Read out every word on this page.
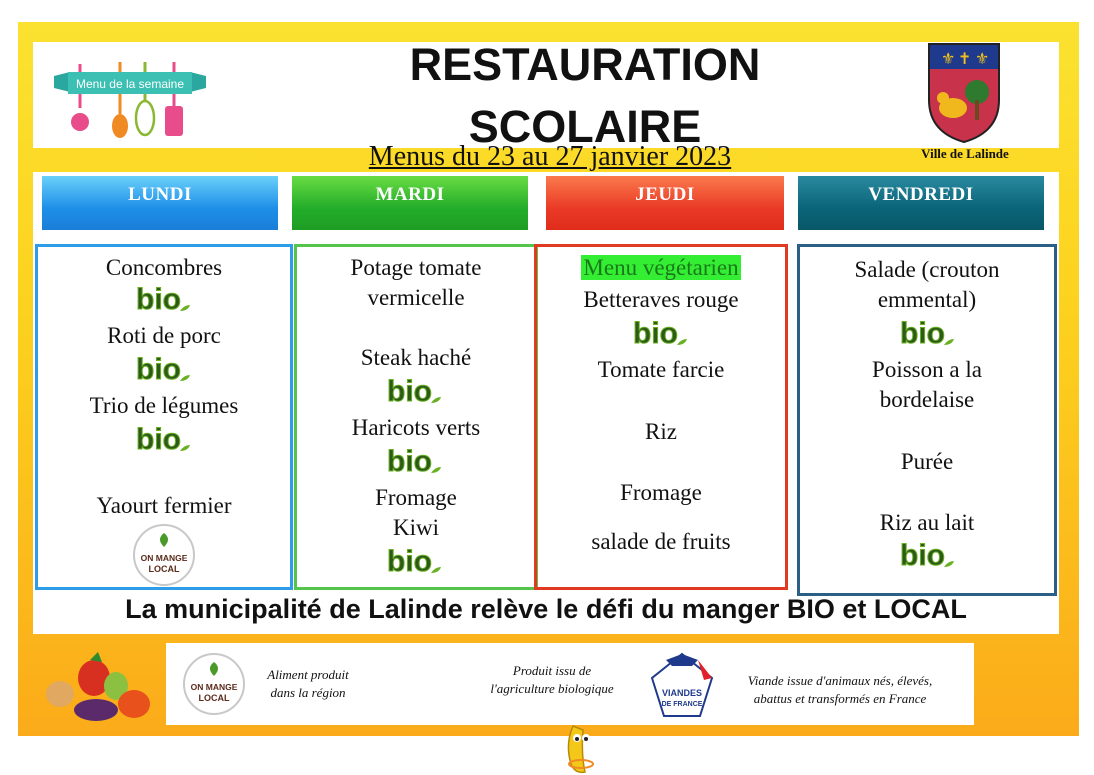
Menu de la semaine	RESTAURATION SCOLAIRE
⚜ ✝ ⚜
Menus du 23 au 27 janvier 2023	Ville de Lalinde
LUNDI	MARDI	JEUDI	VENDREDI
Concombres
bio
Roti de porc
bio
Trio de légumes
bio
Yaourt fermier
ON MANGE
LOCAL
Potage tomate
vermicelle
Steak haché
bio
Haricots verts
bio
Fromage
Kiwi
bio
Menu végétarien
Betteraves rouge
bio
Tomate farcie
Riz
Fromage
salade de fruits
Salade (crouton
emmental)
bio
Poisson a la
bordelaise
Purée
Riz au lait
bio
La municipalité de Lalinde relève le défi du manger BIO et LOCAL
ON MANGE
LOCAL
Aliment produit
dans la région
Produit issu de
l'agriculture biologique	VIANDES
DE FRANCE
Viande issue d'animaux nés, élevés,
abattus et transformés en France
